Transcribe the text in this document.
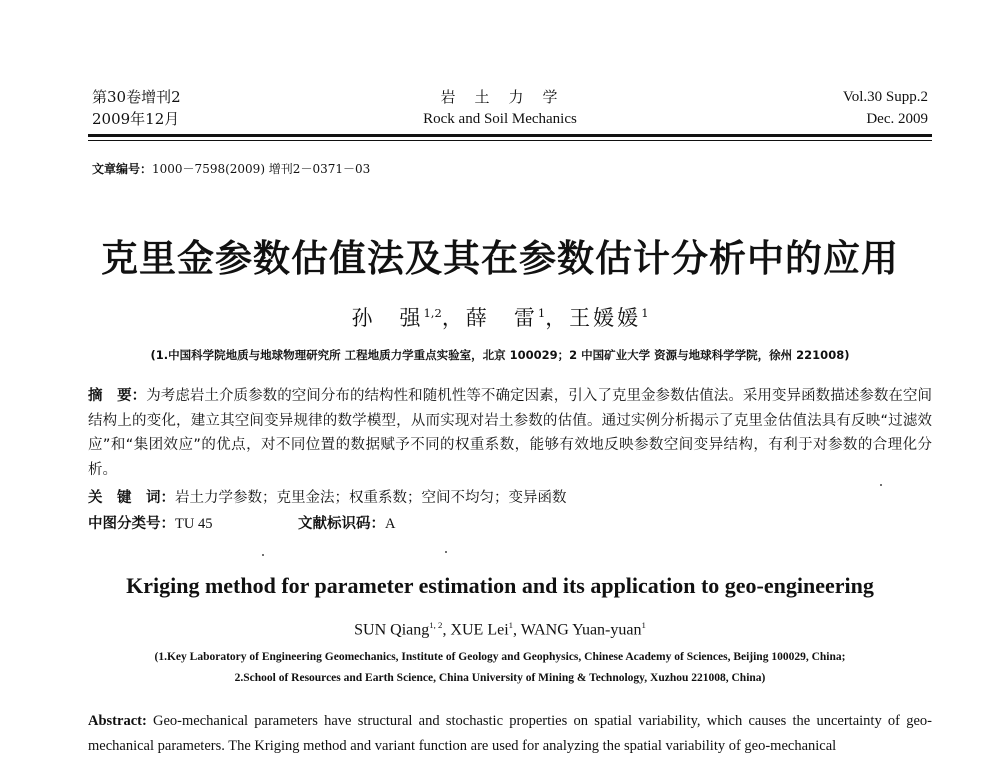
第30卷增刊2
2009年12月
岩　土　力　学
Rock and Soil Mechanics
Vol.30 Supp.2
Dec. 2009
文章编号：1000－7598(2009) 增刊2－0371－03
克里金参数估值法及其在参数估计分析中的应用
孙　强$^{1,2}$，薛　雷$^1$，王媛媛$^1$
(1.中国科学院地质与地球物理研究所 工程地质力学重点实验室，北京 100029；2 中国矿业大学 资源与地球科学学院，徐州 221008)
摘　要：为考虑岩土介质参数的空间分布的结构性和随机性等不确定因素，引入了克里金参数估值法。采用变异函数描述参数在空间结构上的变化，建立其空间变异规律的数学模型，从而实现对岩土参数的估值。通过实例分析揭示了克里金估值法具有反映“过滤效应”和“集团效应”的优点，对不同位置的数据赋予不同的权重系数，能够有效地反映参数空间变异结构，有利于对参数的合理化分析。
关　键　词：岩土力学参数；克里金法；权重系数；空间不均匀；变异函数
中图分类号：TU 45	文献标识码：A
Kriging method for parameter estimation and its application to geo-engineering
SUN Qiang$^{1, 2}$, XUE Lei$^1$, WANG Yuan-yuan$^1$
(1.Key Laboratory of Engineering Geomechanics, Institute of Geology and Geophysics, Chinese Academy of Sciences, Beijing 100029, China;
2.School of Resources and Earth Science, China University of Mining & Technology, Xuzhou 221008, China)
Abstract: Geo-mechanical parameters have structural and stochastic properties on spatial variability, which causes the uncertainty of geo-mechanical parameters. The Kriging method and variant function are used for analyzing the spatial variability of geo-mechanical
